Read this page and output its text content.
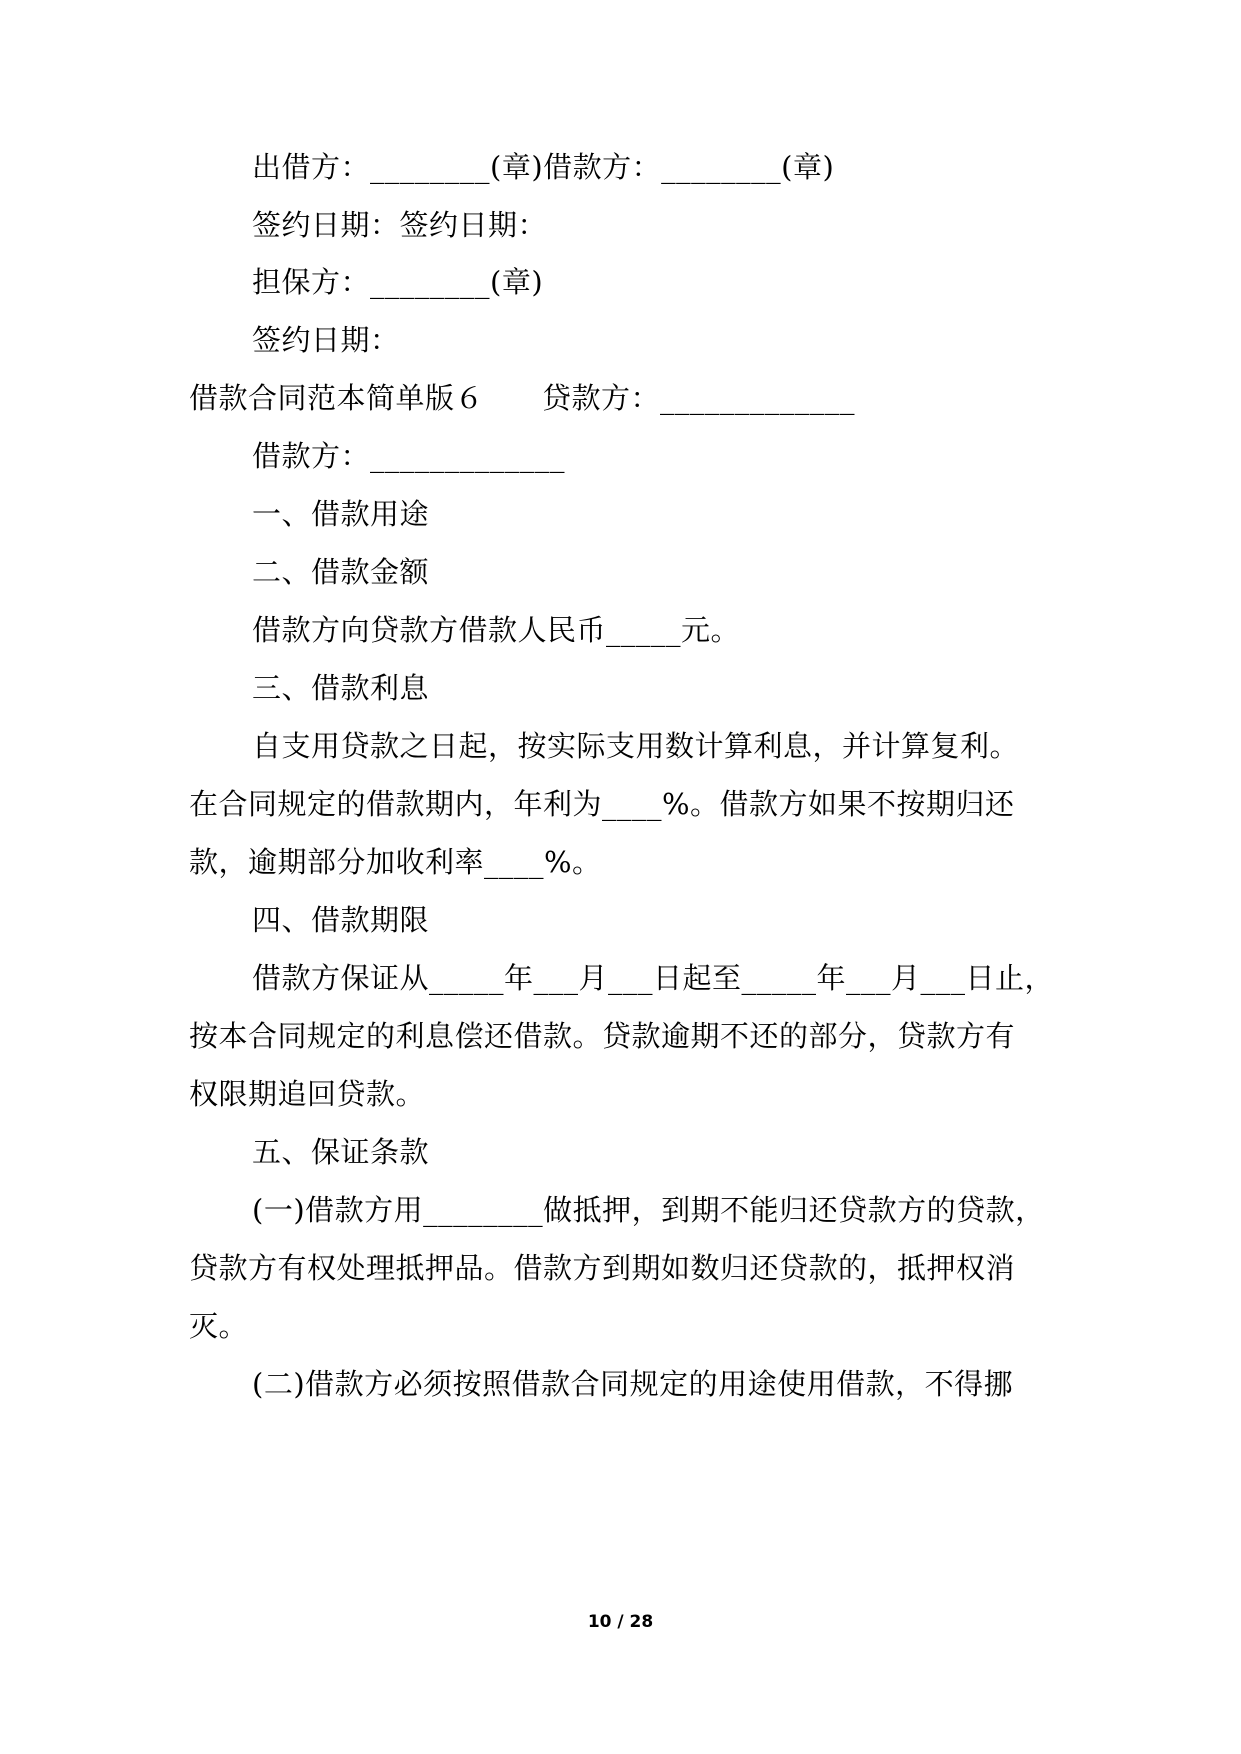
出借方：________(章)借款方：________(章)
签约日期：签约日期：
担保方：________(章)
签约日期：
借款合同范本简单版６ 贷款方：_____________
借款方：_____________
一、借款用途
二、借款金额
借款方向贷款方借款人民币_____元。
三、借款利息
自支用贷款之日起，按实际支用数计算利息，并计算复利。
在合同规定的借款期内，年利为____%。借款方如果不按期归还
款，逾期部分加收利率____%。
四、借款期限
借款方保证从_____年___月___日起至_____年___月___日止，
按本合同规定的利息偿还借款。贷款逾期不还的部分，贷款方有
权限期追回贷款。
五、保证条款
(一)借款方用________做抵押，到期不能归还贷款方的贷款，
贷款方有权处理抵押品。借款方到期如数归还贷款的，抵押权消
灭。
(二)借款方必须按照借款合同规定的用途使用借款，不得挪
10 / 28
